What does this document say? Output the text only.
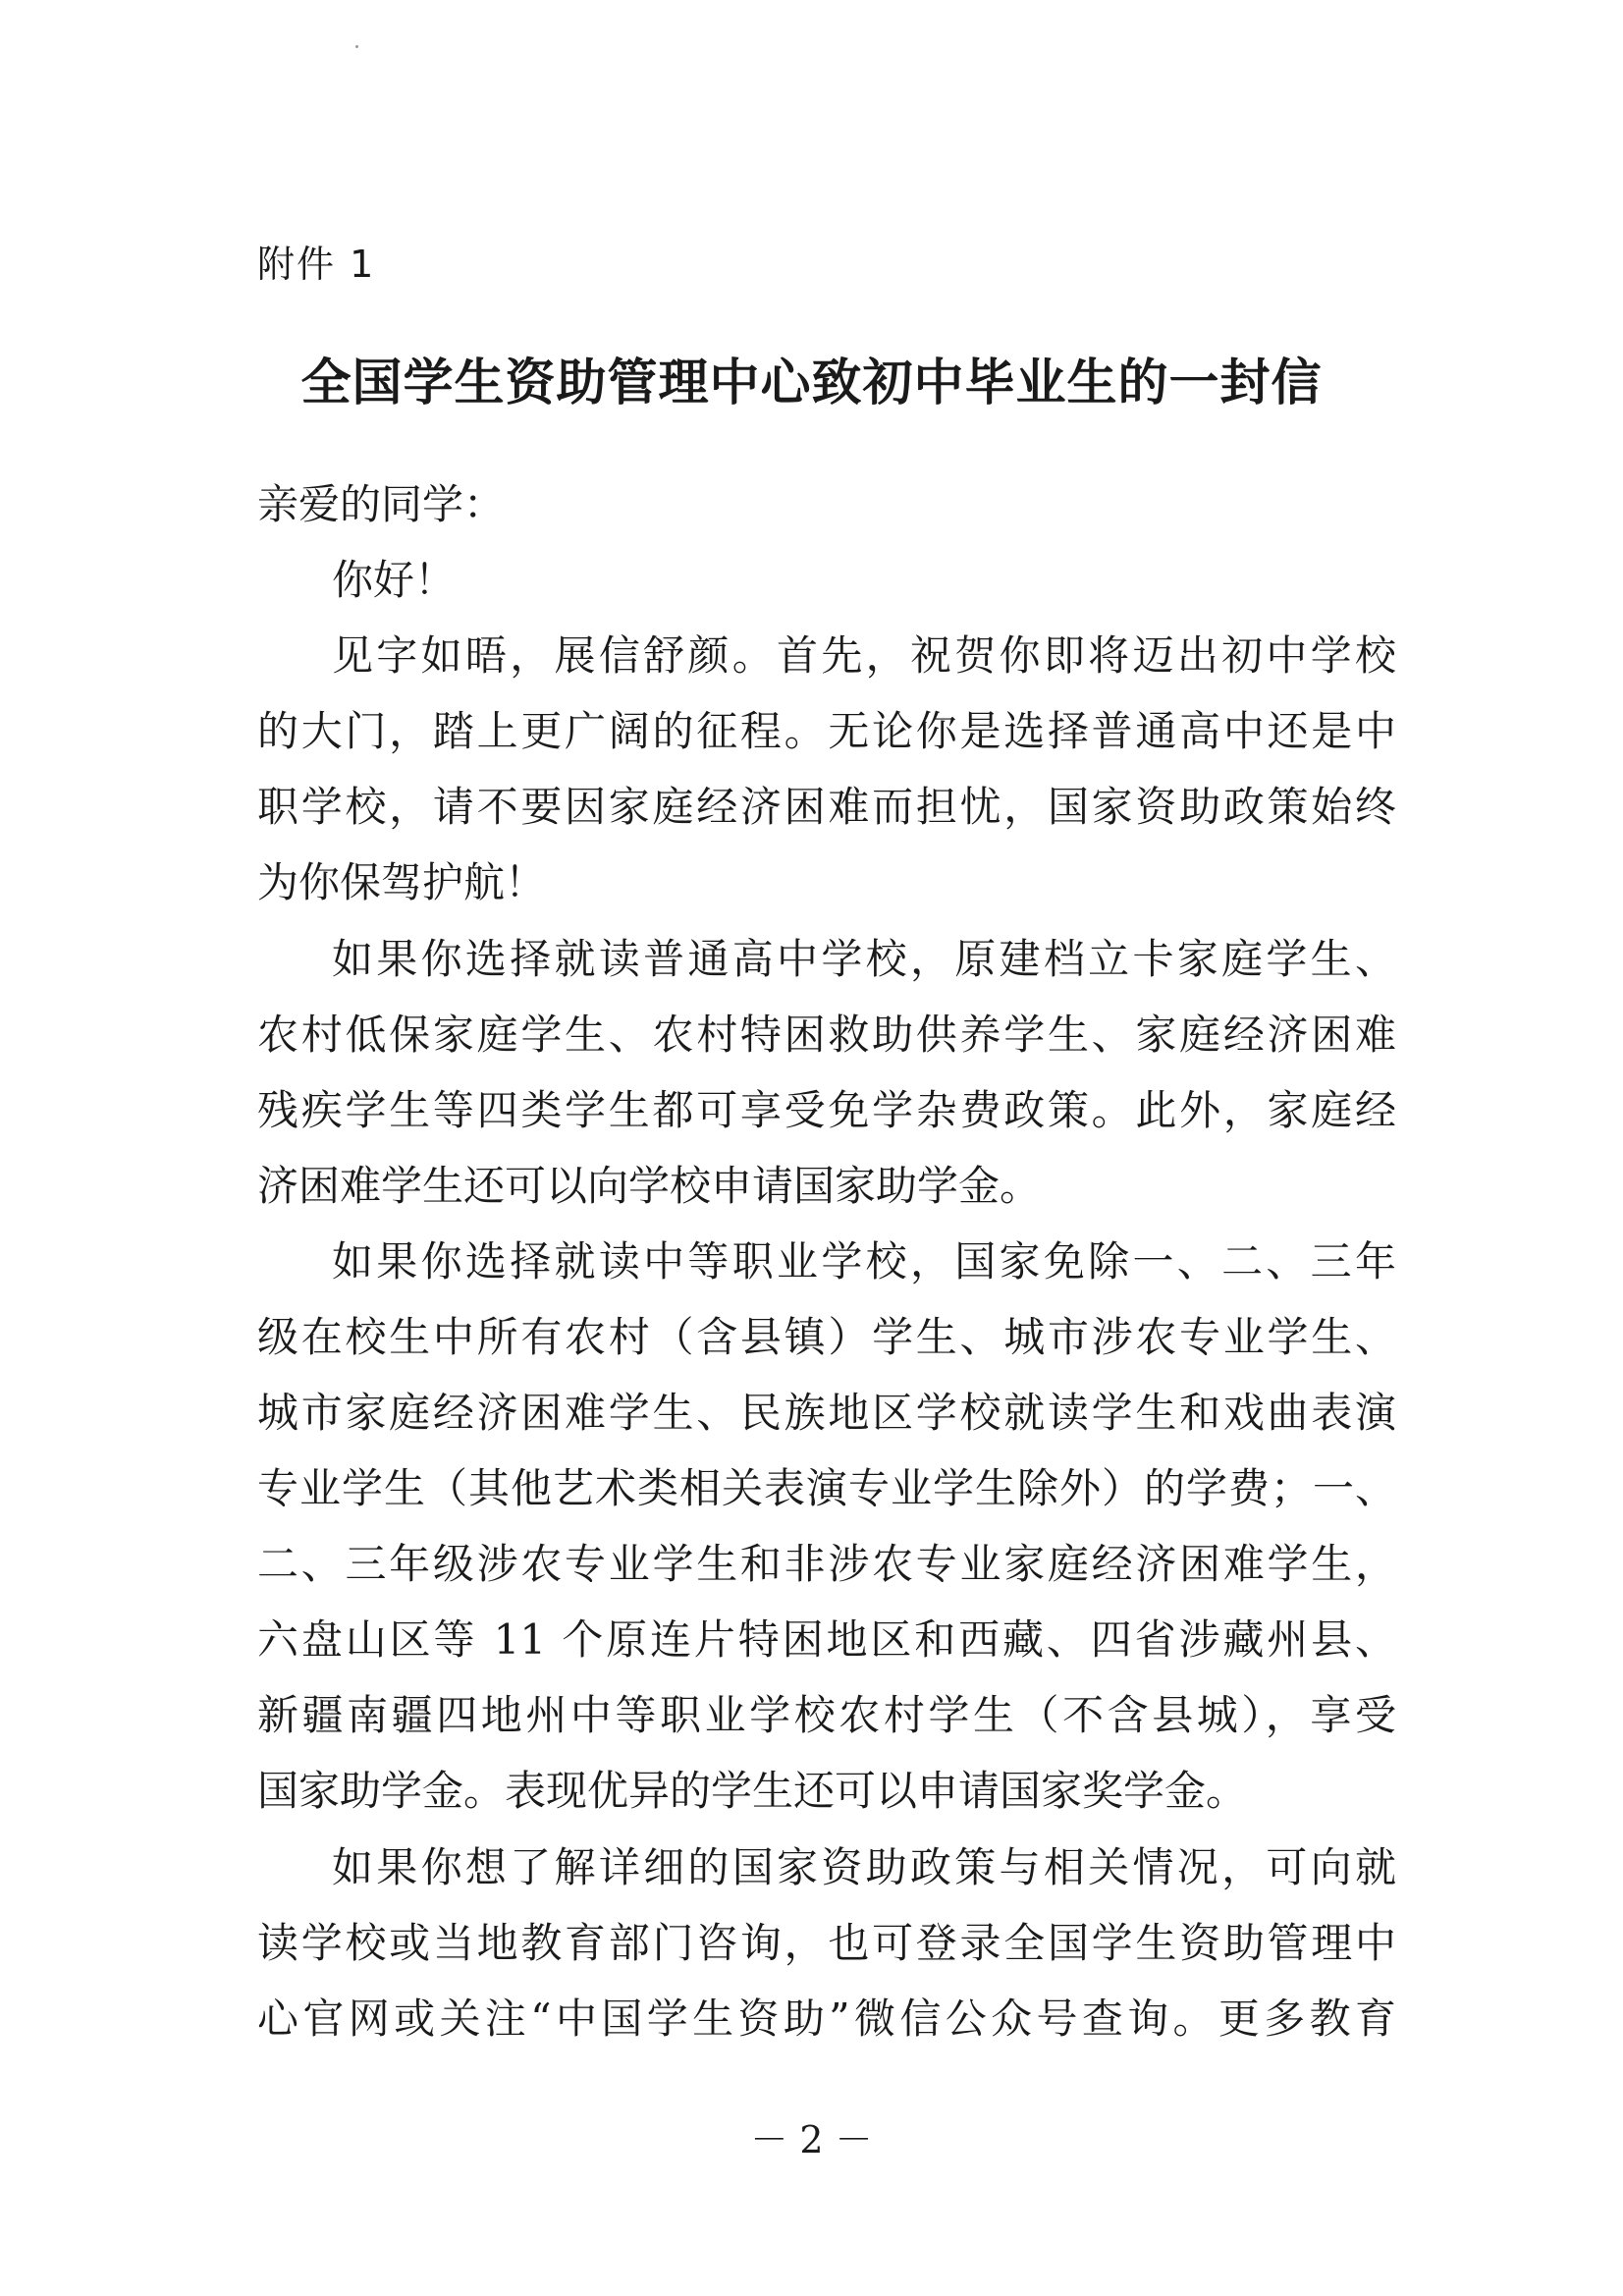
附件 1
全国学生资助管理中心致初中毕业生的一封信
亲爱的同学：
你好！
见字如晤，展信舒颜。首先，祝贺你即将迈出初中学校
的大门，踏上更广阔的征程。无论你是选择普通高中还是中
职学校，请不要因家庭经济困难而担忧，国家资助政策始终
为你保驾护航！
如果你选择就读普通高中学校，原建档立卡家庭学生、
农村低保家庭学生、农村特困救助供养学生、家庭经济困难
残疾学生等四类学生都可享受免学杂费政策。此外，家庭经
济困难学生还可以向学校申请国家助学金。
如果你选择就读中等职业学校，国家免除一、二、三年
级在校生中所有农村（含县镇）学生、城市涉农专业学生、
城市家庭经济困难学生、民族地区学校就读学生和戏曲表演
专业学生（其他艺术类相关表演专业学生除外）的学费；一、
二、三年级涉农专业学生和非涉农专业家庭经济困难学生，
六盘山区等 11 个原连片特困地区和西藏、四省涉藏州县、
新疆南疆四地州中等职业学校农村学生（不含县城），享受
国家助学金。表现优异的学生还可以申请国家奖学金。
如果你想了解详细的国家资助政策与相关情况，可向就
读学校或当地教育部门咨询，也可登录全国学生资助管理中
心官网或关注“中国学生资助”微信公众号查询。更多教育
－ 2 －
